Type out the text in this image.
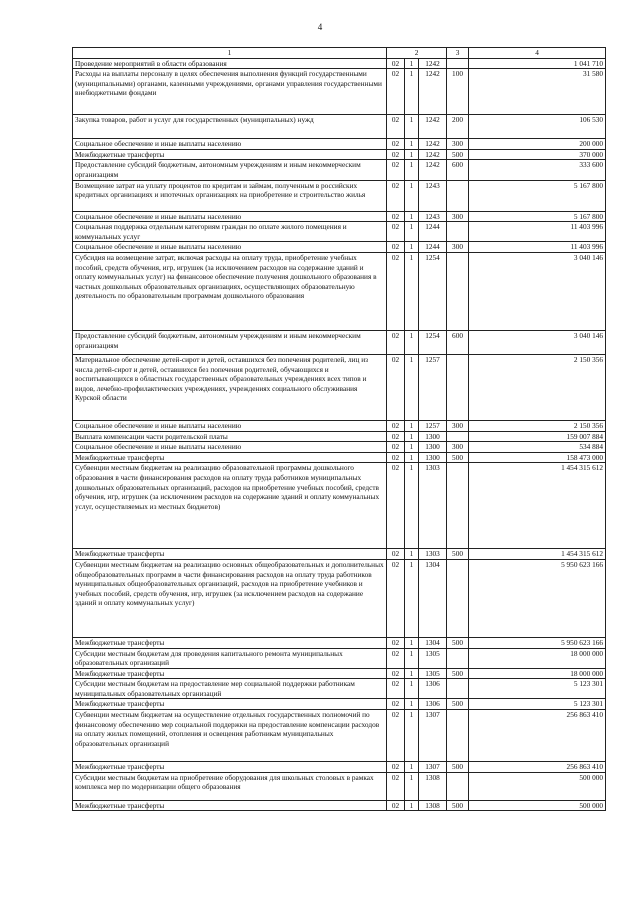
4
1	2			3	4
Проведение мероприятий в области образования	02	1	1242		1 041 710
Расходы на выплаты персоналу в целях обеспечения выполнения функций государственными (муниципальными) органами, казенными учреждениями, органами управления государственными внебюджетными фондами	02	1	1242	100	31 580
Закупка товаров, работ и услуг для государственных (муниципальных) нужд	02	1	1242	200	106 530
Социальное обеспечение и иные выплаты населению	02	1	1242	300	200 000
Межбюджетные трансферты	02	1	1242	500	370 000
Предоставление субсидий бюджетным, автономным учреждениям и иным некоммерческим организациям	02	1	1242	600	333 600
Возмещение затрат на уплату процентов по кредитам и займам, полученным в российских кредитных организациях и ипотечных организациях на приобретение и строительство жилья	02	1	1243		5 167 800
Социальное обеспечение и иные выплаты населению	02	1	1243	300	5 167 800
Социальная поддержка отдельным категориям граждан по оплате жилого помещения и коммунальных услуг	02	1	1244		11 403 996
Социальное обеспечение и иные выплаты населению	02	1	1244	300	11 403 996
Субсидия на возмещение затрат, включая расходы на оплату труда, приобретение учебных пособий, средств обучения, игр, игрушек (за исключением расходов на содержание зданий и оплату коммунальных услуг) на финансовое обеспечение получения дошкольного образования в частных дошкольных образовательных организациях, осуществляющих образовательную деятельность по образовательным программам дошкольного образования	02	1	1254		3 040 146
Предоставление субсидий бюджетным, автономным учреждениям и иным некоммерческим организациям	02	1	1254	600	3 040 146
Материальное обеспечение детей-сирот и детей, оставшихся без попечения родителей, лиц из числа детей-сирот и детей, оставшихся без попечения родителей, обучающихся и воспитывающихся в областных государственных образовательных учреждениях всех типов и видов, лечебно-профилактических учреждениях, учреждениях социального обслуживания Курской области	02	1	1257		2 150 356
Социальное обеспечение и иные выплаты населению	02	1	1257	300	2 150 356
Выплата компенсации части родительской платы	02	1	1300		159 007 884
Социальное обеспечение и иные выплаты населению	02	1	1300	300	534 884
Межбюджетные трансферты	02	1	1300	500	158 473 000
Субвенции местным бюджетам на реализацию образовательной программы дошкольного образования в части финансирования расходов на оплату труда работников муниципальных дошкольных образовательных организаций, расходов на приобретение учебных пособий, средств обучения, игр, игрушек (за исключением расходов на содержание зданий и оплату коммунальных услуг, осуществляемых из местных бюджетов)	02	1	1303		1 454 315 612
Межбюджетные трансферты	02	1	1303	500	1 454 315 612
Субвенции местным бюджетам на реализацию основных общеобразовательных и дополнительных общеобразовательных программ в части финансирования расходов на оплату труда работников муниципальных общеобразовательных организаций, расходов на приобретение учебников и учебных пособий, средств обучения, игр, игрушек (за исключением расходов на содержание зданий и оплату коммунальных услуг)	02	1	1304		5 950 623 166
Межбюджетные трансферты	02	1	1304	500	5 950 623 166
Субсидии местным бюджетам для проведения капитального ремонта муниципальных образовательных организаций	02	1	1305		18 000 000
Межбюджетные трансферты	02	1	1305	500	18 000 000
Субсидии местным бюджетам на предоставление мер социальной поддержки работникам муниципальных образовательных организаций	02	1	1306		5 123 301
Межбюджетные трансферты	02	1	1306	500	5 123 301
Субвенции местным бюджетам на осуществление отдельных государственных полномочий по финансовому обеспечению мер социальной поддержки на предоставление компенсации расходов на оплату жилых помещений, отопления и освещения работникам муниципальных образовательных организаций	02	1	1307		256 863 410
Межбюджетные трансферты	02	1	1307	500	256 863 410
Субсидии местным бюджетам на приобретение оборудования для школьных столовых в рамках комплекса мер по модернизации общего образования	02	1	1308		500 000
Межбюджетные трансферты	02	1	1308	500	500 000
